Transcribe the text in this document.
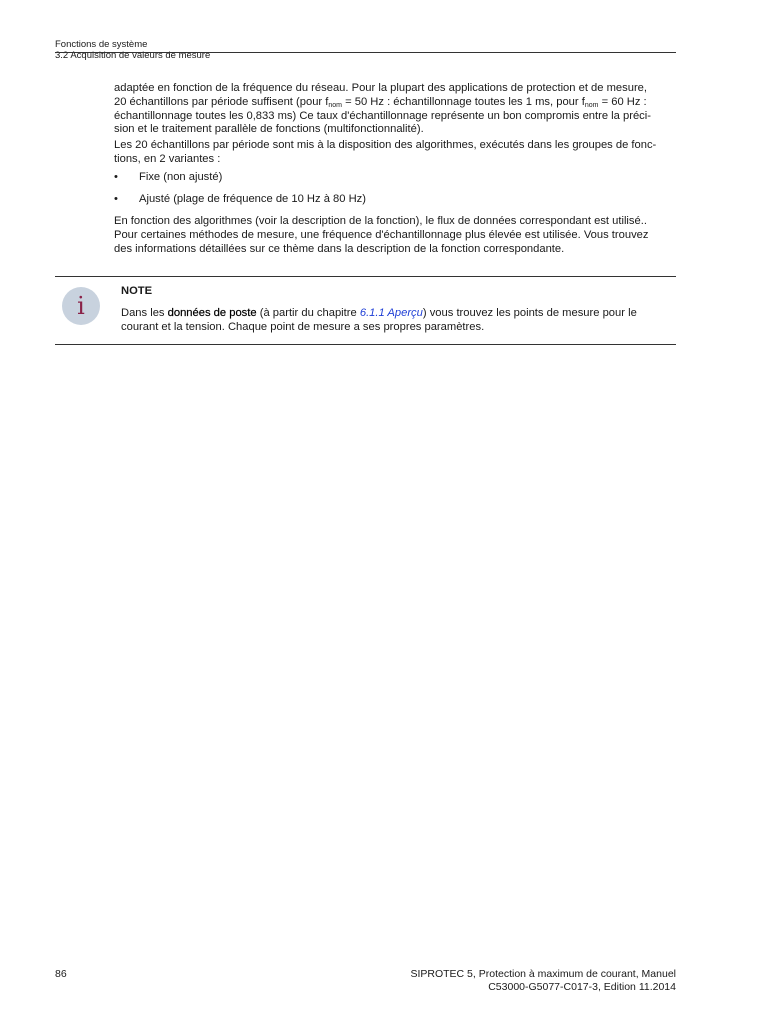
Fonctions de système
3.2 Acquisition de valeurs de mesure

adaptée en fonction de la fréquence du réseau. Pour la plupart des applications de protection et de mesure,
20 échantillons par période suffisent (pour $f_{nom} = 50$ Hz : échantillonnage toutes les 1 ms, pour $f_{nom} = 60$ Hz :
échantillonnage toutes les 0,833 ms) Ce taux d'échantillonnage représente un bon compromis entre la préci-
sion et le traitement parallèle de fonctions (multifonctionnalité).

Les 20 échantillons par période sont mis à la disposition des algorithmes, exécutés dans les groupes de fonc-
tions, en 2 variantes :

• Fixe (non ajusté)
• Ajusté (plage de fréquence de 10 Hz à 80 Hz)

En fonction des algorithmes (voir la description de la fonction), le flux de données correspondant est utilisé..
Pour certaines méthodes de mesure, une fréquence d'échantillonnage plus élevée est utilisée. Vous trouvez
des informations détaillées sur ce thème dans la description de la fonction correspondante.

i
NOTE
Dans les données de poste (à partir du chapitre 6.1.1 Aperçu) vous trouvez les points de mesure pour le
courant et la tension. Chaque point de mesure a ses propres paramètres.
86	SIPROTEC 5, Protection à maximum de courant, Manuel
C53000-G5077-C017-3, Edition 11.2014
